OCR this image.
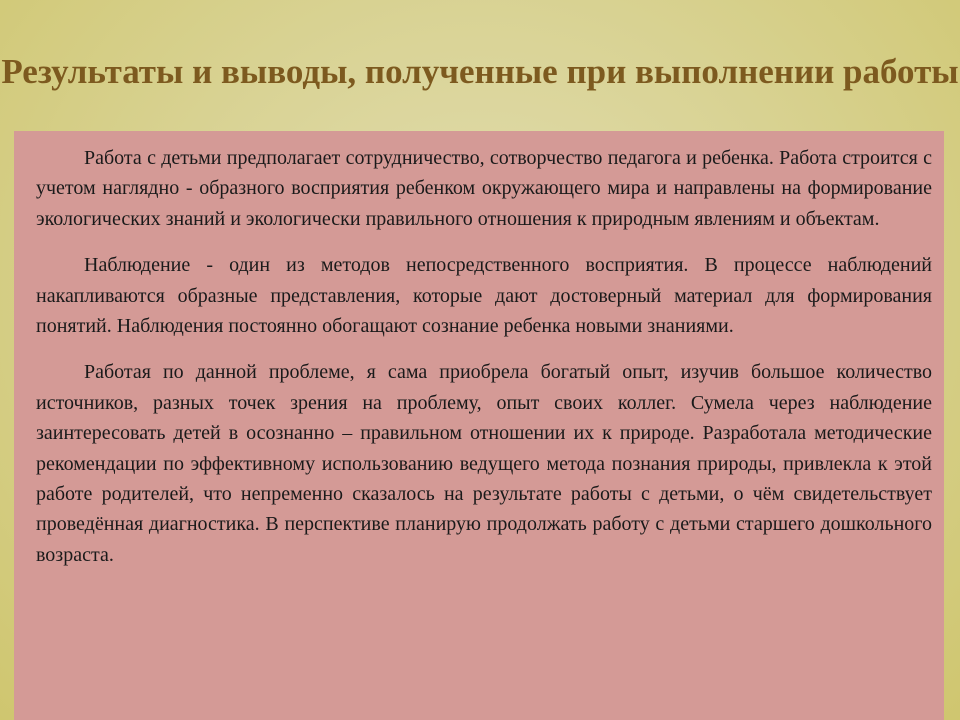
Результаты и выводы, полученные при выполнении работы

Работа с детьми предполагает сотрудничество, сотворчество педагога и ребенка. Работа строится с учетом наглядно - образного восприятия ребенком окружающего мира и направлены на формирование экологических знаний и экологически правильного отношения к природным явлениям и объектам.

Наблюдение - один из методов непосредственного восприятия. В процессе наблюдений накапливаются образные представления, которые дают достоверный материал для формирования понятий. Наблюдения постоянно обогащают сознание ребенка новыми знаниями.

Работая по данной проблеме, я сама приобрела богатый опыт, изучив большое количество источников, разных точек зрения на проблему, опыт своих коллег. Сумела через наблюдение заинтересовать детей в осознанно – правильном отношении их к природе. Разработала методические рекомендации по эффективному использованию ведущего метода познания природы, привлекла к этой работе родителей, что непременно сказалось на результате работы с детьми, о чём свидетельствует проведённая диагностика. В перспективе планирую продолжать работу с детьми старшего дошкольного возраста.
